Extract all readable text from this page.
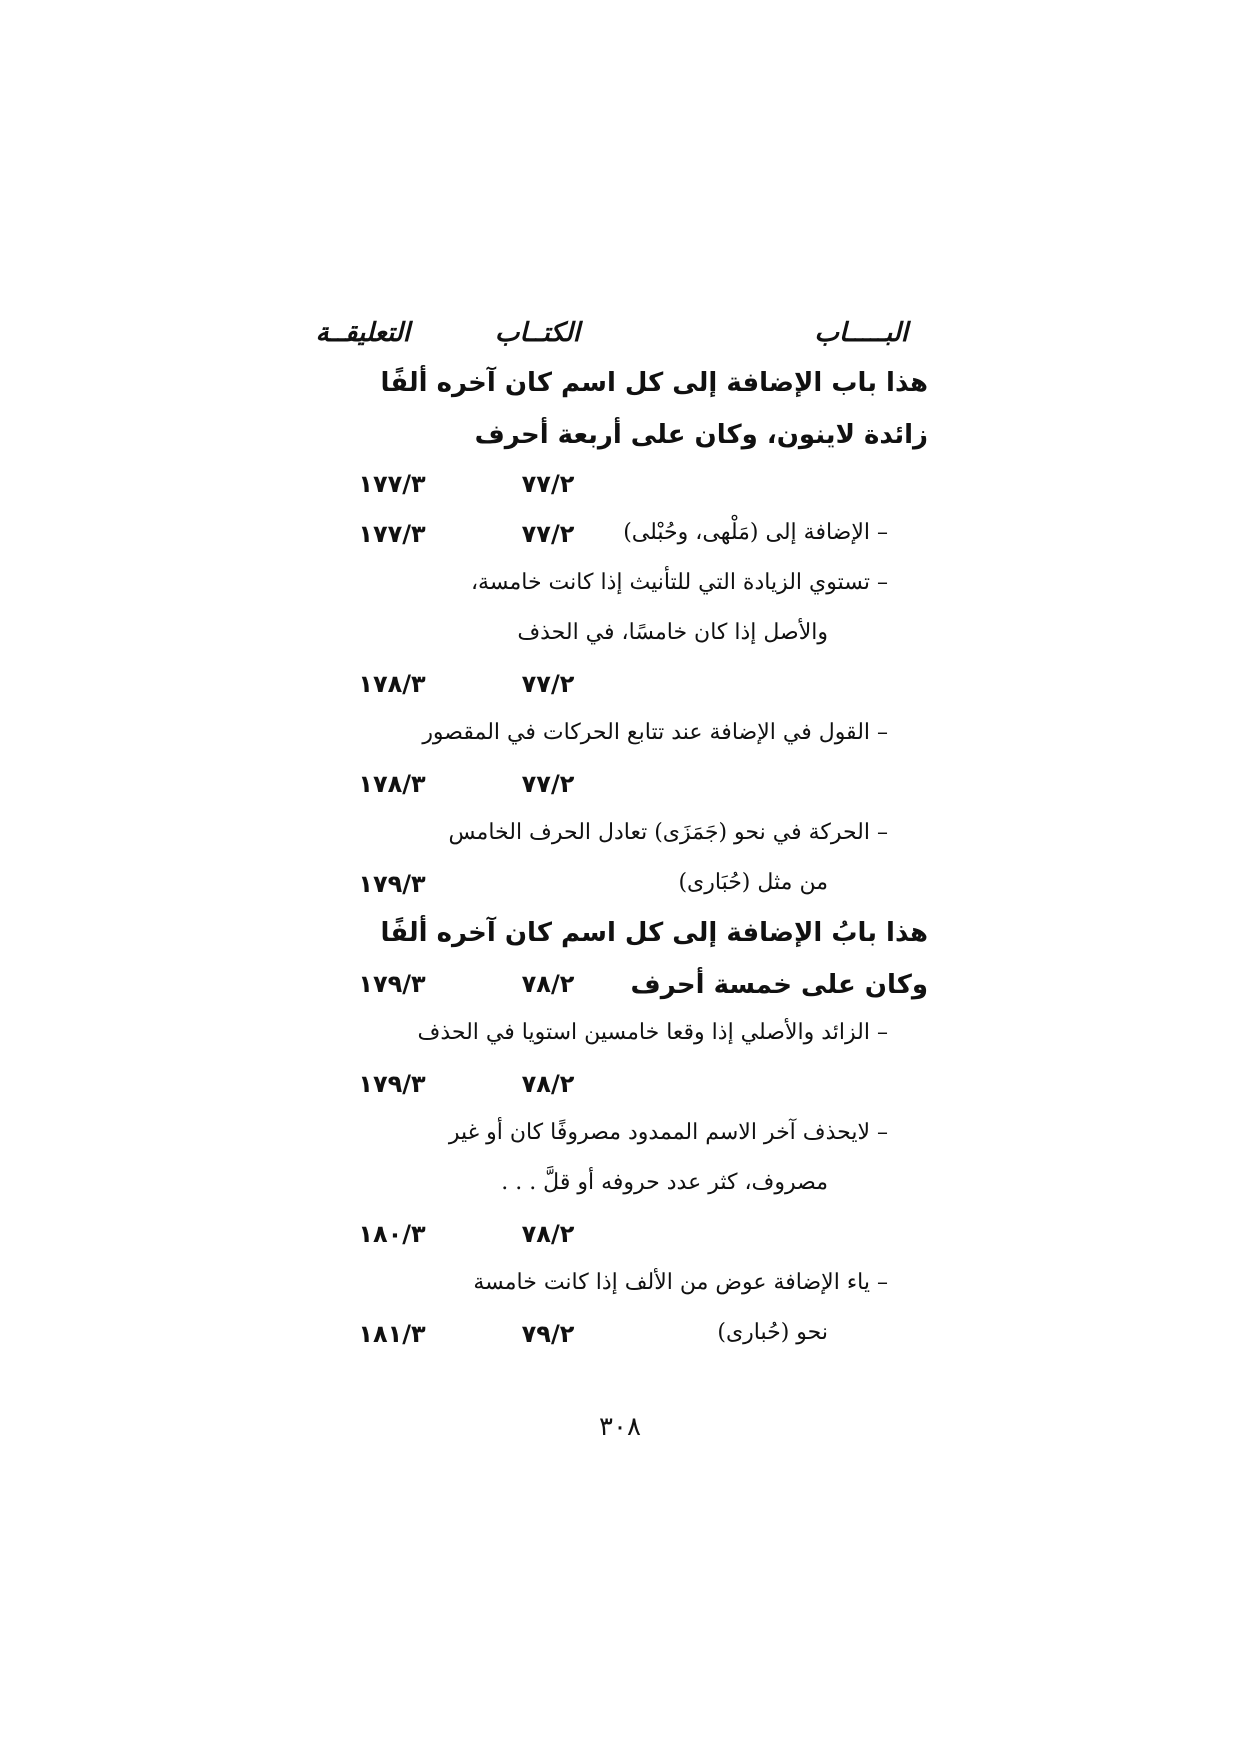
البـــــاب
الكتــاب
التعليقــة
هذا باب الإضافة إلى كل اسم كان آخره ألفًا
زائدة لاينون، وكان على أربعة أحرف
٧٧/٢
١٧٧/٣
– الإضافة إلى (مَلْهى، وحُبْلى)
٧٧/٢
١٧٧/٣
– تستوي الزيادة التي للتأنيث إذا كانت خامسة،
والأصل إذا كان خامسًا، في الحذف
٧٧/٢
١٧٨/٣
– القول في الإضافة عند تتابع الحركات في المقصور
٧٧/٢
١٧٨/٣
– الحركة في نحو (جَمَزَى) تعادل الحرف الخامس
من مثل (حُبَارى)
١٧٩/٣
هذا بابُ الإضافة إلى كل اسم كان آخره ألفًا
وكان على خمسة أحرف
٧٨/٢
١٧٩/٣
– الزائد والأصلي إذا وقعا خامسين استويا في الحذف
٧٨/٢
١٧٩/٣
– لايحذف آخر الاسم الممدود مصروفًا كان أو غير
مصروف، كثر عدد حروفه أو قلَّ . . .
٧٨/٢
١٨٠/٣
– ياء الإضافة عوض من الألف إذا كانت خامسة
نحو (حُبارى)
٧٩/٢
١٨١/٣
٣٠٨
